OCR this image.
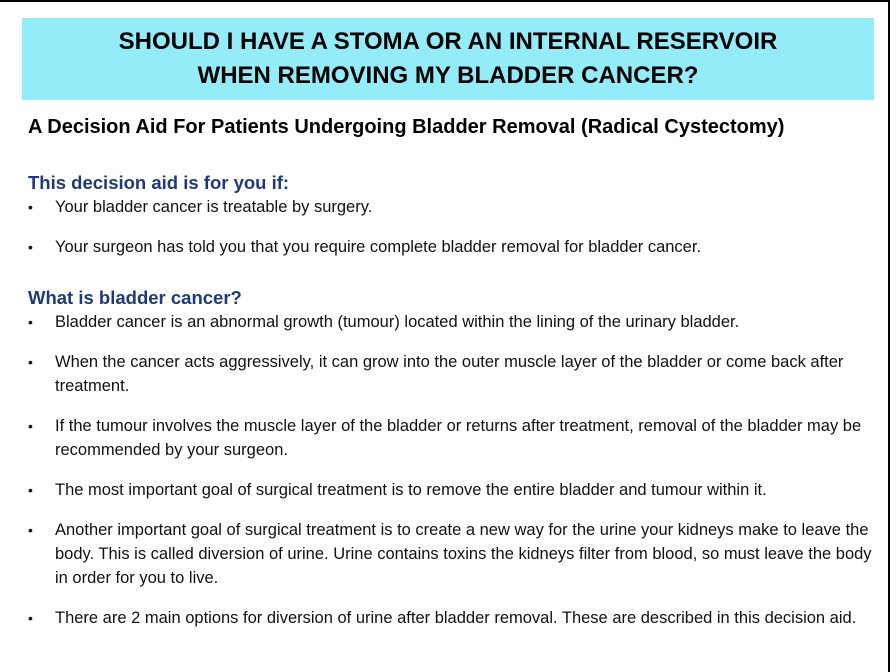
SHOULD I HAVE A STOMA OR AN INTERNAL RESERVOIR
WHEN REMOVING MY BLADDER CANCER?
A Decision Aid For Patients Undergoing Bladder Removal (Radical Cystectomy)
This decision aid is for you if:
• Your bladder cancer is treatable by surgery.
• Your surgeon has told you that you require complete bladder removal for bladder cancer.
What is bladder cancer?
• Bladder cancer is an abnormal growth (tumour) located within the lining of the urinary bladder.
• When the cancer acts aggressively, it can grow into the outer muscle layer of the bladder or come back after treatment.
• If the tumour involves the muscle layer of the bladder or returns after treatment, removal of the bladder may be recommended by your surgeon.
• The most important goal of surgical treatment is to remove the entire bladder and tumour within it.
• Another important goal of surgical treatment is to create a new way for the urine your kidneys make to leave the body. This is called diversion of urine. Urine contains toxins the kidneys filter from blood, so must leave the body in order for you to live.
• There are 2 main options for diversion of urine after bladder removal. These are described in this decision aid.
